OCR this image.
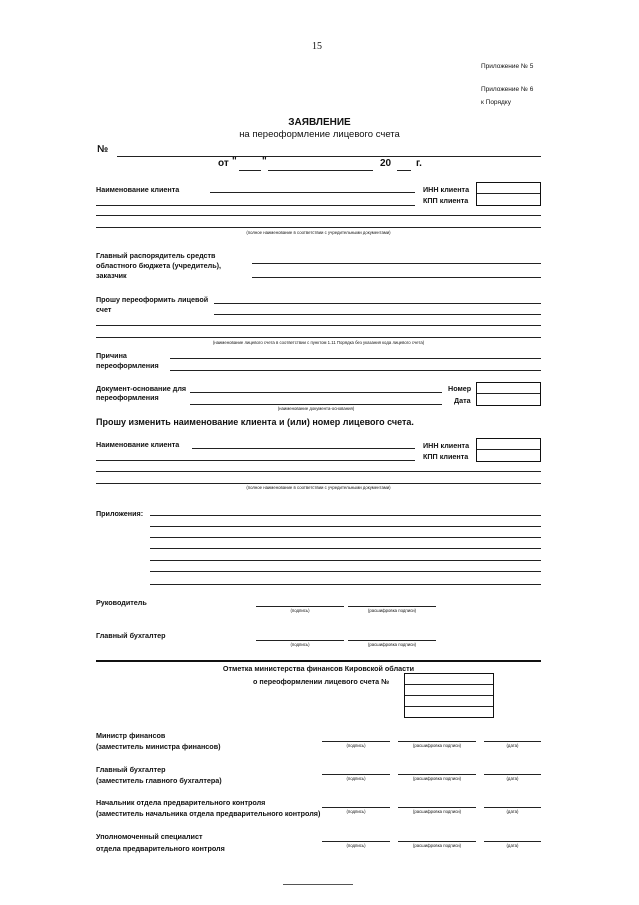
15
Приложение № 5
Приложение № 6
к Порядку
ЗАЯВЛЕНИЕ
на переоформление лицевого счета
№
от "	"	20 г.
Наименование клиента	ИНН клиента
КПП клиента
(полное наименование в соответствии с учредительными документами)
Главный распорядитель средств
областного бюджета (учредитель),
заказчик
Прошу переоформить лицевой
счет
(наименование лицевого счета в соответствии с пунктом 1.11 Порядка без указания кода лицевого счета)
Причина
переоформления
Документ-основание для
переоформления
Номер
Дата
(наименование документа-основания)
Прошу изменить наименование клиента и (или) номер лицевого счета.
Наименование клиента	ИНН клиента
КПП клиента
(полное наименование в соответствии с учредительными документами)
Приложения:
Руководитель
(подпись)	(расшифровка подписи)
Главный бухгалтер
(подпись)	(расшифровка подписи)
Отметка министерства финансов Кировской области
о переоформлении лицевого счета №
Министр финансов
(заместитель министра финансов)	(подпись)	(расшифровка подписи)	(дата)
Главный бухгалтер
(заместитель главного бухгалтера)	(подпись)	(расшифровка подписи)	(дата)
Начальник отдела предварительного контроля
(заместитель начальника отдела предварительного контроля)	(подпись)	(расшифровка подписи)	(дата)
Уполномоченный специалист
отдела предварительного контроля	(подпись)	(расшифровка подписи)	(дата)
